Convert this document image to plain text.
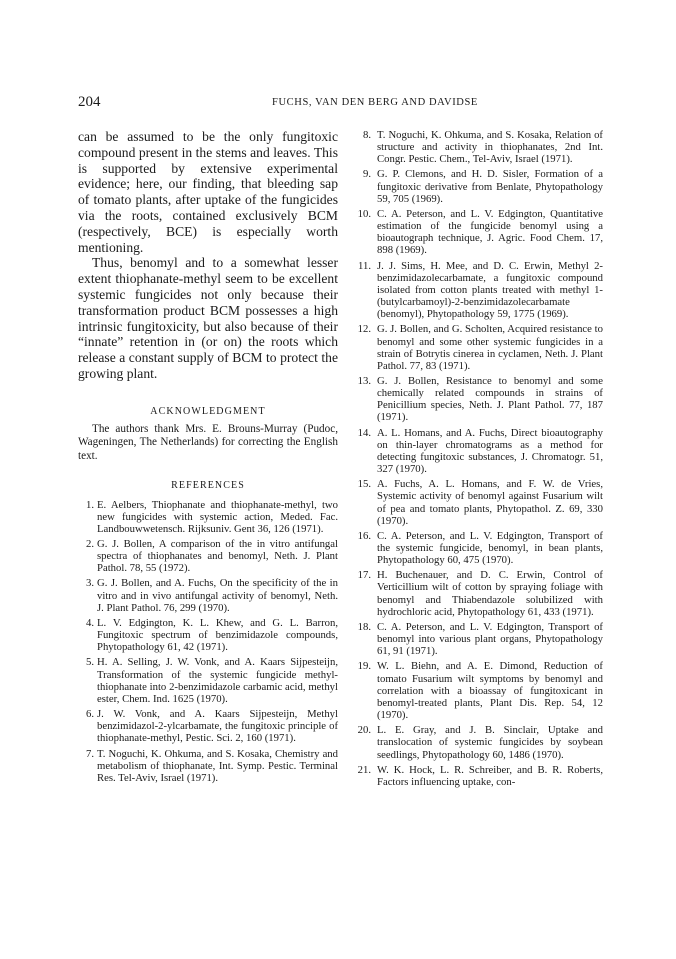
204	FUCHS, VAN DEN BERG AND DAVIDSE

can be assumed to be the only fungitoxic compound present in the stems and leaves. This is supported by extensive experimental evidence; here, our finding, that bleeding sap of tomato plants, after uptake of the fungicides via the roots, contained exclusively BCM (respectively, BCE) is especially worth mentioning.

Thus, benomyl and to a somewhat lesser extent thiophanate-methyl seem to be excellent systemic fungicides not only because their transformation product BCM possesses a high intrinsic fungitoxicity, but also because of their “innate” retention in (or on) the roots which release a constant supply of BCM to protect the growing plant.

ACKNOWLEDGMENT

The authors thank Mrs. E. Brouns-Murray (Pudoc, Wageningen, The Netherlands) for correcting the English text.

REFERENCES
1. E. Aelbers, Thiophanate and thiophanate-methyl, two new fungicides with systemic action, Meded. Fac. Landbouwwetensch. Rijksuniv. Gent 36, 126 (1971).
2. G. J. Bollen, A comparison of the in vitro antifungal spectra of thiophanates and benomyl, Neth. J. Plant Pathol. 78, 55 (1972).
3. G. J. Bollen, and A. Fuchs, On the specificity of the in vitro and in vivo antifungal activity of benomyl, Neth. J. Plant Pathol. 76, 299 (1970).
4. L. V. Edgington, K. L. Khew, and G. L. Barron, Fungitoxic spectrum of benzimidazole compounds, Phytopathology 61, 42 (1971).
5. H. A. Selling, J. W. Vonk, and A. Kaars Sijpesteijn, Transformation of the systemic fungicide methyl-thiophanate into 2-benzimidazole carbamic acid, methyl ester, Chem. Ind. 1625 (1970).
6. J. W. Vonk, and A. Kaars Sijpesteijn, Methyl benzimidazol-2-ylcarbamate, the fungitoxic principle of thiophanate-methyl, Pestic. Sci. 2, 160 (1971).
7. T. Noguchi, K. Ohkuma, and S. Kosaka, Chemistry and metabolism of thiophanate, Int. Symp. Pestic. Terminal Res. Tel-Aviv, Israel (1971).
8. T. Noguchi, K. Ohkuma, and S. Kosaka, Relation of structure and activity in thiophanates, 2nd Int. Congr. Pestic. Chem., Tel-Aviv, Israel (1971).
9. G. P. Clemons, and H. D. Sisler, Formation of a fungitoxic derivative from Benlate, Phytopathology 59, 705 (1969).
10. C. A. Peterson, and L. V. Edgington, Quantitative estimation of the fungicide benomyl using a bioautograph technique, J. Agric. Food Chem. 17, 898 (1969).
11. J. J. Sims, H. Mee, and D. C. Erwin, Methyl 2-benzimidazolecarbamate, a fungitoxic compound isolated from cotton plants treated with methyl 1-(butylcarbamoyl)-2-benzimidazolecarbamate (benomyl), Phytopathology 59, 1775 (1969).
12. G. J. Bollen, and G. Scholten, Acquired resistance to benomyl and some other systemic fungicides in a strain of Botrytis cinerea in cyclamen, Neth. J. Plant Pathol. 77, 83 (1971).
13. G. J. Bollen, Resistance to benomyl and some chemically related compounds in strains of Penicillium species, Neth. J. Plant Pathol. 77, 187 (1971).
14. A. L. Homans, and A. Fuchs, Direct bioautography on thin-layer chromatograms as a method for detecting fungitoxic substances, J. Chromatogr. 51, 327 (1970).
15. A. Fuchs, A. L. Homans, and F. W. de Vries, Systemic activity of benomyl against Fusarium wilt of pea and tomato plants, Phytopathol. Z. 69, 330 (1970).
16. C. A. Peterson, and L. V. Edgington, Transport of the systemic fungicide, benomyl, in bean plants, Phytopathology 60, 475 (1970).
17. H. Buchenauer, and D. C. Erwin, Control of Verticillium wilt of cotton by spraying foliage with benomyl and Thiabendazole solubilized with hydrochloric acid, Phytopathology 61, 433 (1971).
18. C. A. Peterson, and L. V. Edgington, Transport of benomyl into various plant organs, Phytopathology 61, 91 (1971).
19. W. L. Biehn, and A. E. Dimond, Reduction of tomato Fusarium wilt symptoms by benomyl and correlation with a bioassay of fungitoxicant in benomyl-treated plants, Plant Dis. Rep. 54, 12 (1970).
20. L. E. Gray, and J. B. Sinclair, Uptake and translocation of systemic fungicides by soybean seedlings, Phytopathology 60, 1486 (1970).
21. W. K. Hock, L. R. Schreiber, and B. R. Roberts, Factors influencing uptake, con-
